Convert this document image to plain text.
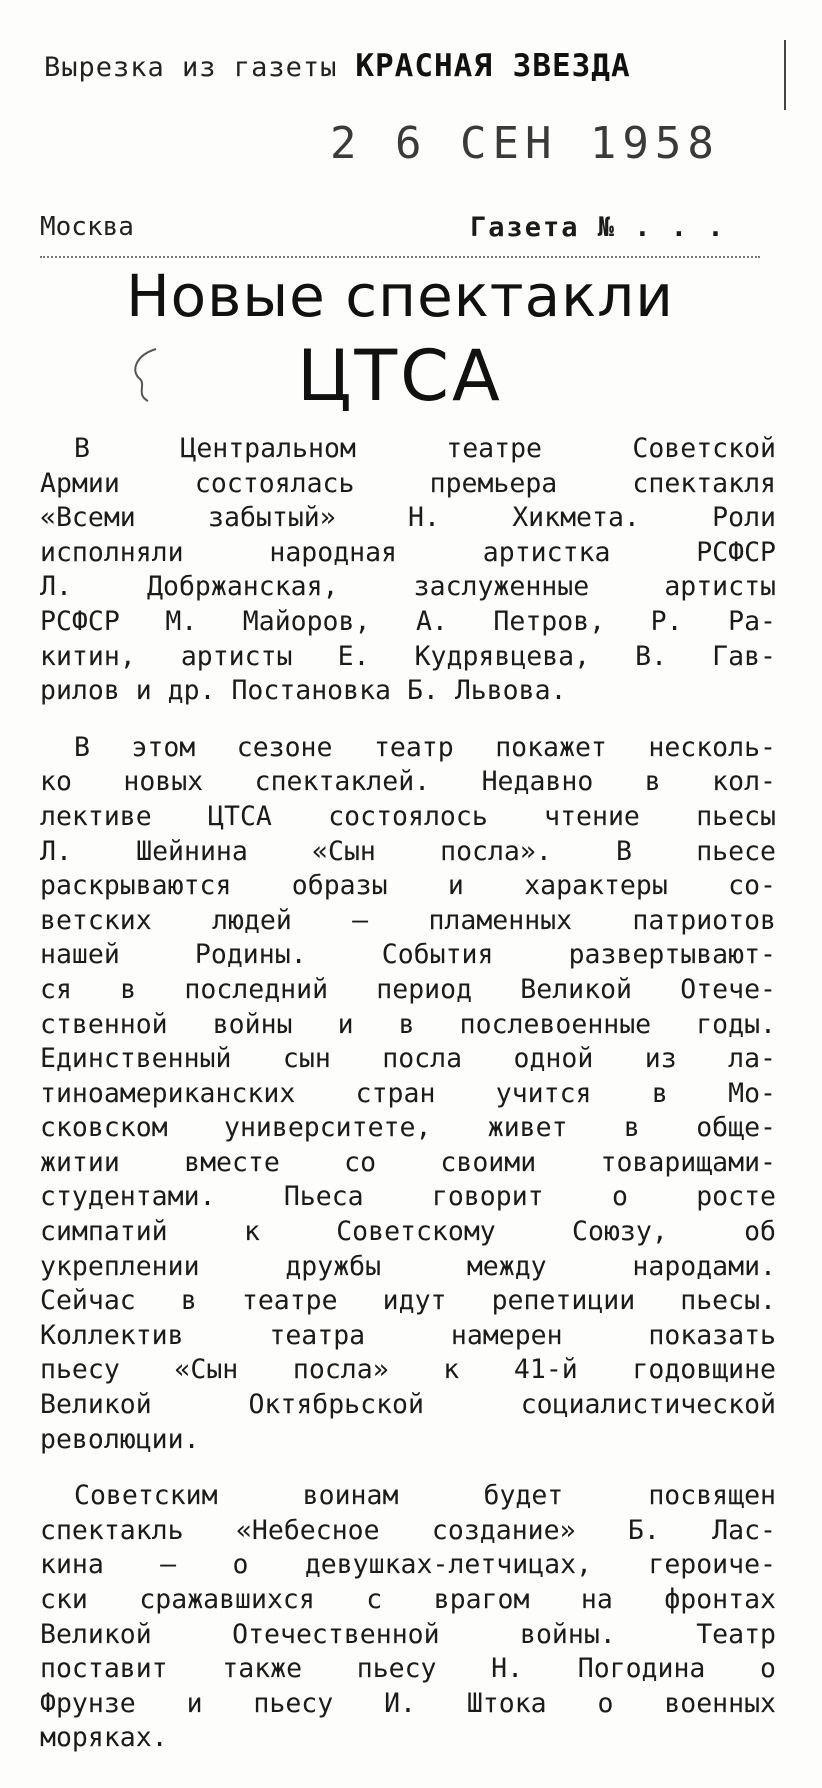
Вырезка из газеты КРАСНАЯ ЗВЕЗДА
2 6 СЕН 1958
Москва	Газета № . . .
Новые спектакли
ЦТСА

В Центральном театре Советской
Армии состоялась премьера спектакля
«Всеми забытый» Н. Хикмета. Роли
исполняли народная артистка РСФСР
Л. Добржанская, заслуженные артисты
РСФСР М. Майоров, А. Петров, Р. Ра-
китин, артисты Е. Кудрявцева, В. Гав-
рилов и др. Постановка Б. Львова.

В этом сезоне театр покажет несколь-
ко новых спектаклей. Недавно в кол-
лективе ЦТСА состоялось чтение пьесы
Л. Шейнина «Сын посла». В пьесе
раскрываются образы и характеры со-
ветских людей — пламенных патриотов
нашей Родины. События развертывают-
ся в последний период Великой Отече-
ственной войны и в послевоенные годы.
Единственный сын посла одной из ла-
тиноамериканских стран учится в Мо-
сковском университете, живет в обще-
житии вместе со своими товарищами-
студентами. Пьеса говорит о росте
симпатий к Советскому Союзу, об
укреплении дружбы между народами.
Сейчас в театре идут репетиции пьесы.
Коллектив театра намерен показать
пьесу «Сын посла» к 41-й годовщине
Великой Октябрьской социалистической
революции.

Советским воинам будет посвящен
спектакль «Небесное создание» Б. Лас-
кина — о девушках-летчицах, героиче-
ски сражавшихся с врагом на фронтах
Великой Отечественной войны. Театр
поставит также пьесу Н. Погодина о
Фрунзе и пьесу И. Штока о военных
моряках.
